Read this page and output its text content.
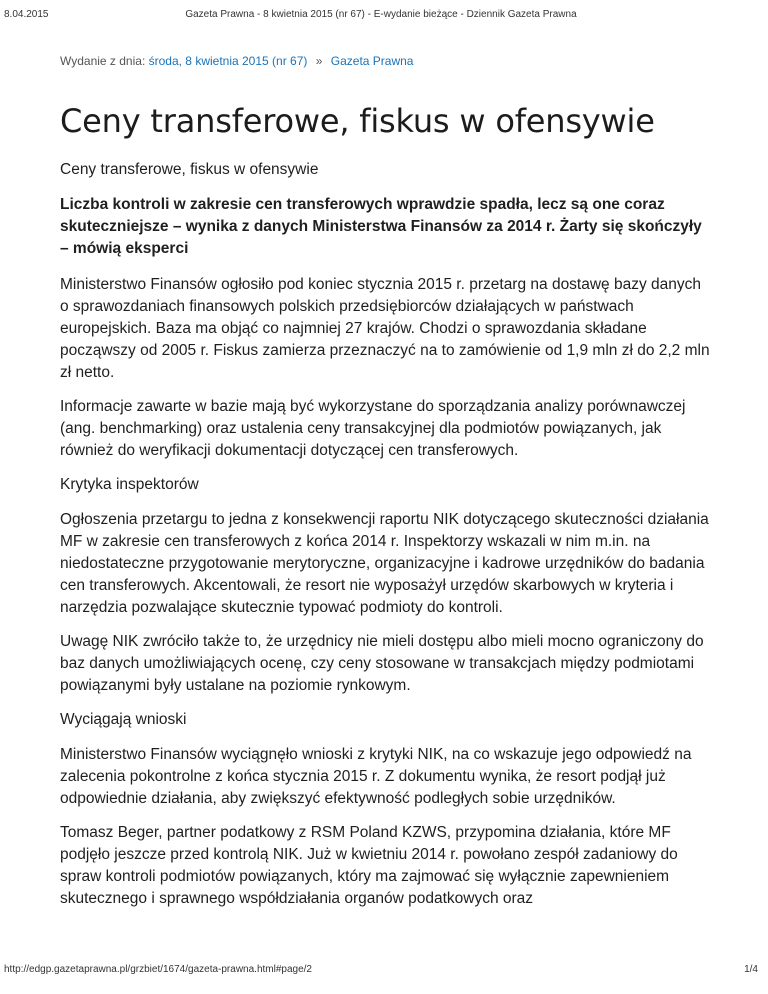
8.04.2015	Gazeta Prawna - 8 kwietnia 2015 (nr 67) - E-wydanie bieżące - Dziennik Gazeta Prawna
Wydanie z dnia: środa, 8 kwietnia 2015 (nr 67) » Gazeta Prawna
Ceny transferowe, fiskus w ofensywie

Ceny transferowe, fiskus w ofensywie

Liczba kontroli w zakresie cen transferowych wprawdzie spadła, lecz są one coraz skuteczniejsze – wynika z danych Ministerstwa Finansów za 2014 r. Żarty się skończyły – mówią eksperci

Ministerstwo Finansów ogłosiło pod koniec stycznia 2015 r. przetarg na dostawę bazy danych o sprawozdaniach finansowych polskich przedsiębiorców działających w państwach europejskich. Baza ma objąć co najmniej 27 krajów. Chodzi o sprawozdania składane począwszy od 2005 r. Fiskus zamierza przeznaczyć na to zamówienie od 1,9 mln zł do 2,2 mln zł netto.

Informacje zawarte w bazie mają być wykorzystane do sporządzania analizy porównawczej (ang. benchmarking) oraz ustalenia ceny transakcyjnej dla podmiotów powiązanych, jak również do weryfikacji dokumentacji dotyczącej cen transferowych.

Krytyka inspektorów

Ogłoszenia przetargu to jedna z konsekwencji raportu NIK dotyczącego skuteczności działania MF w zakresie cen transferowych z końca 2014 r. Inspektorzy wskazali w nim m.in. na niedostateczne przygotowanie merytoryczne, organizacyjne i kadrowe urzędników do badania cen transferowych. Akcentowali, że resort nie wyposażył urzędów skarbowych w kryteria i narzędzia pozwalające skutecznie typować podmioty do kontroli.

Uwagę NIK zwróciło także to, że urzędnicy nie mieli dostępu albo mieli mocno ograniczony do baz danych umożliwiających ocenę, czy ceny stosowane w transakcjach między podmiotami powiązanymi były ustalane na poziomie rynkowym.

Wyciągają wnioski

Ministerstwo Finansów wyciągnęło wnioski z krytyki NIK, na co wskazuje jego odpowiedź na zalecenia pokontrolne z końca stycznia 2015 r. Z dokumentu wynika, że resort podjął już odpowiednie działania, aby zwiększyć efektywność podległych sobie urzędników.

Tomasz Beger, partner podatkowy z RSM Poland KZWS, przypomina działania, które MF podjęło jeszcze przed kontrolą NIK. Już w kwietniu 2014 r. powołano zespół zadaniowy do spraw kontroli podmiotów powiązanych, który ma zajmować się wyłącznie zapewnieniem skutecznego i sprawnego współdziałania organów podatkowych oraz

http://edgp.gazetaprawna.pl/grzbiet/1674/gazeta-prawna.html#page/2	1/4
